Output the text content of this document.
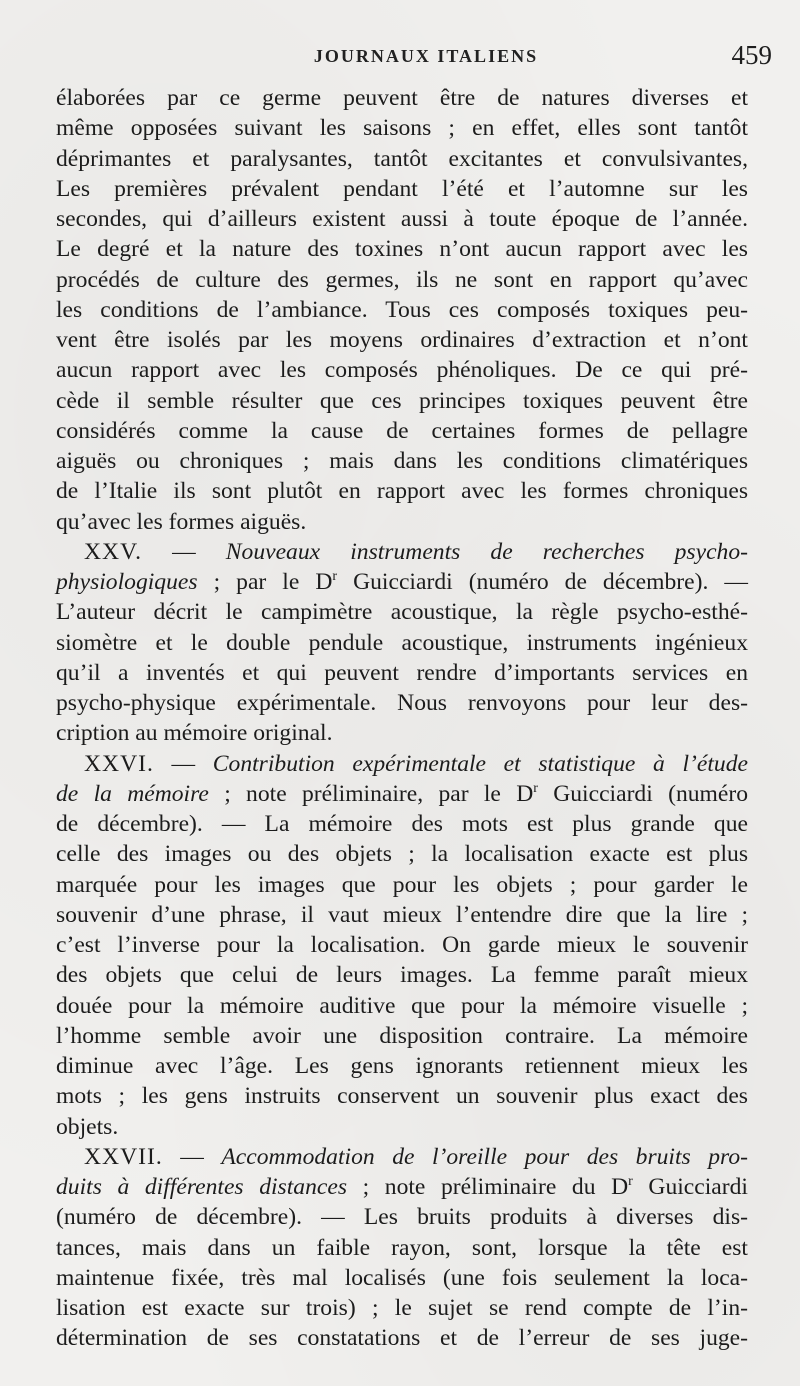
JOURNAUX ITALIENS	459
élaborées par ce germe peuvent être de natures diverses et
même opposées suivant les saisons ; en effet, elles sont tantôt
déprimantes et paralysantes, tantôt excitantes et convulsivantes,
Les premières prévalent pendant l’été et l’automne sur les
secondes, qui d’ailleurs existent aussi à toute époque de l’année.
Le degré et la nature des toxines n’ont aucun rapport avec les
procédés de culture des germes, ils ne sont en rapport qu’avec
les conditions de l’ambiance. Tous ces composés toxiques peu-
vent être isolés par les moyens ordinaires d’extraction et n’ont
aucun rapport avec les composés phénoliques. De ce qui pré-
cède il semble résulter que ces principes toxiques peuvent être
considérés comme la cause de certaines formes de pellagre
aiguës ou chroniques ; mais dans les conditions climatériques
de l’Italie ils sont plutôt en rapport avec les formes chroniques
qu’avec les formes aiguës.
XXV. — Nouveaux instruments de recherches psycho-
physiologiques ; par le $D^r$ Guicciardi (numéro de décembre). —
L’auteur décrit le campimètre acoustique, la règle psycho-esthé-
siomètre et le double pendule acoustique, instruments ingénieux
qu’il a inventés et qui peuvent rendre d’importants services en
psycho-physique expérimentale. Nous renvoyons pour leur des-
cription au mémoire original.
XXVI. — Contribution expérimentale et statistique à l’étude
de la mémoire ; note préliminaire, par le $D^r$ Guicciardi (numéro
de décembre). — La mémoire des mots est plus grande que
celle des images ou des objets ; la localisation exacte est plus
marquée pour les images que pour les objets ; pour garder le
souvenir d’une phrase, il vaut mieux l’entendre dire que la lire ;
c’est l’inverse pour la localisation. On garde mieux le souvenir
des objets que celui de leurs images. La femme paraît mieux
douée pour la mémoire auditive que pour la mémoire visuelle ;
l’homme semble avoir une disposition contraire. La mémoire
diminue avec l’âge. Les gens ignorants retiennent mieux les
mots ; les gens instruits conservent un souvenir plus exact des
objets.
XXVII. — Accommodation de l’oreille pour des bruits pro-
duits à différentes distances ; note préliminaire du $D^r$ Guicciardi
(numéro de décembre). — Les bruits produits à diverses dis-
tances, mais dans un faible rayon, sont, lorsque la tête est
maintenue fixée, très mal localisés (une fois seulement la loca-
lisation est exacte sur trois) ; le sujet se rend compte de l’in-
détermination de ses constatations et de l’erreur de ses juge-
